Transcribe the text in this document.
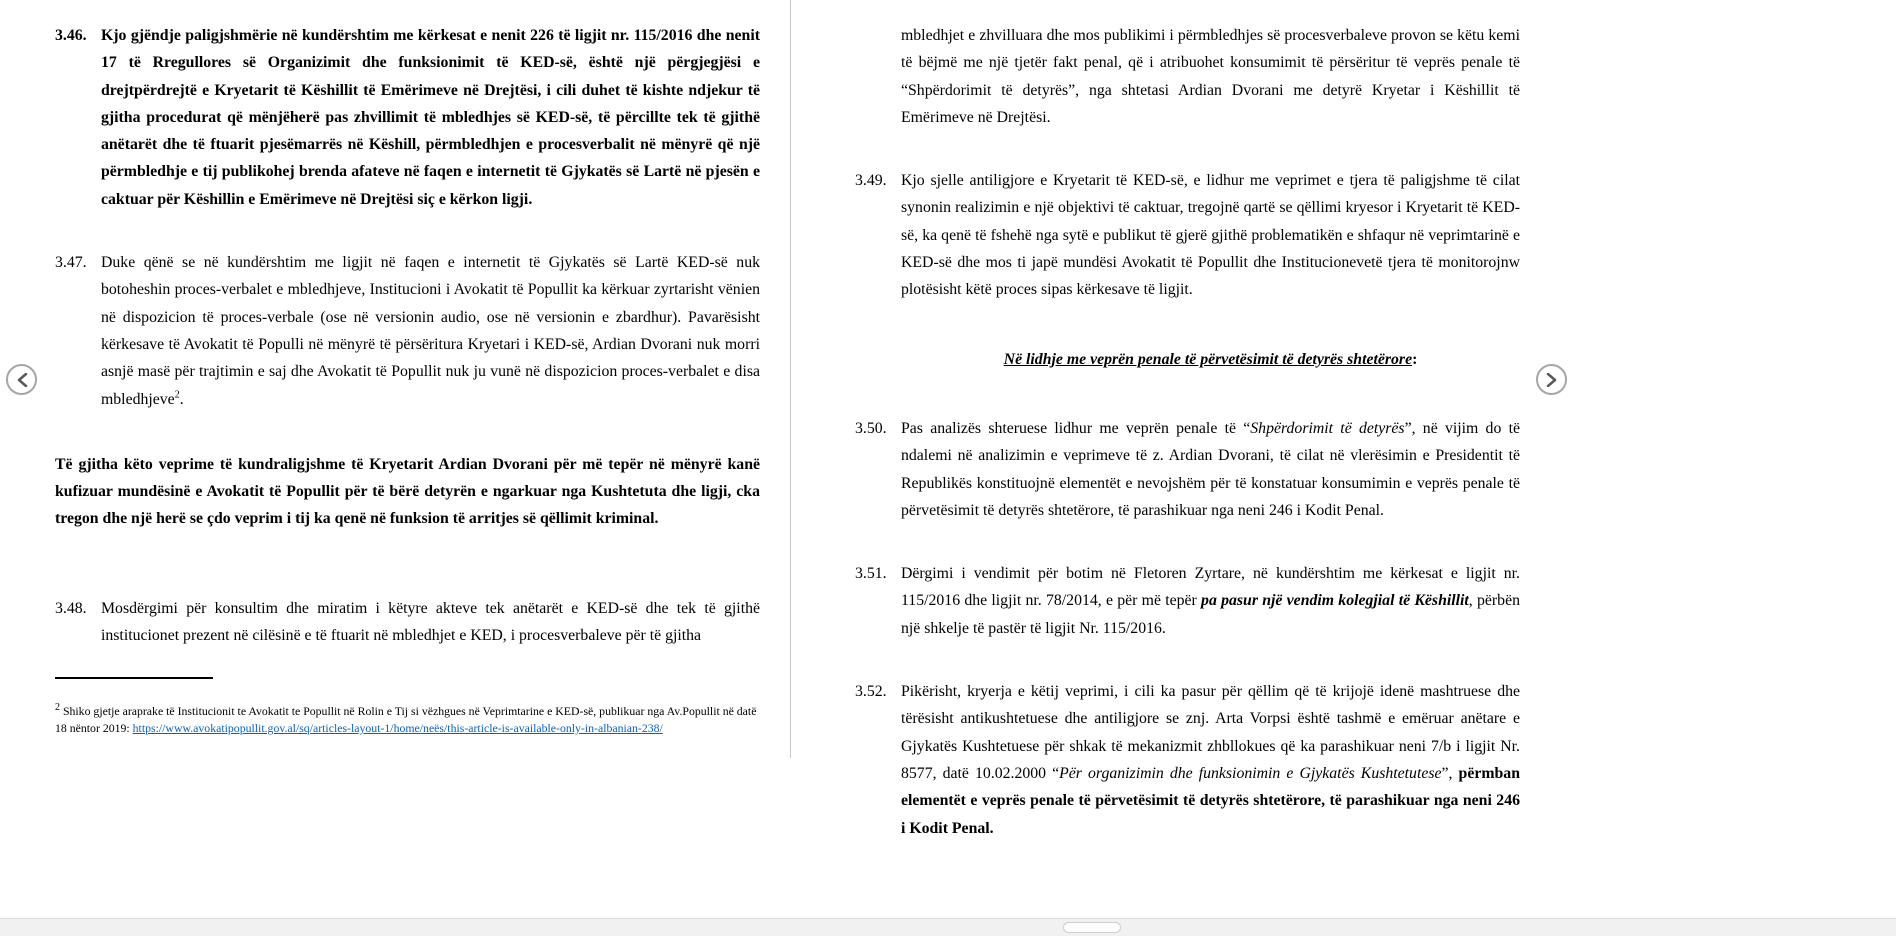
3.46. Kjo gjëndje paligjshmërie në kundërshtim me kërkesat e nenit 226 të ligjit nr. 115/2016 dhe nenit 17 të Rregullores së Organizimit dhe funksionimit të KED-së, është një përgjegjësi e drejtpërdrejtë e Kryetarit të Këshillit të Emërimeve në Drejtësi, i cili duhet të kishte ndjekur të gjitha procedurat që mënjëherë pas zhvillimit të mbledhjes së KED-së, të përcillte tek të gjithë anëtarët dhe të ftuarit pjesëmarrës në Këshill, përmbledhjen e procesverbalit në mënyrë që një përmbledhje e tij publikohej brenda afateve në faqen e internetit të Gjykatës së Lartë në pjesën e caktuar për Këshillin e Emërimeve në Drejtësi siç e kërkon ligji.
3.47. Duke qënë se në kundërshtim me ligjit në faqen e internetit të Gjykatës së Lartë KED-së nuk botoheshin proces-verbalet e mbledhjeve, Institucioni i Avokatit të Popullit ka kërkuar zyrtarisht vënien në dispozicion të proces-verbale (ose në versionin audio, ose në versionin e zbardhur). Pavarësisht kërkesave të Avokatit të Populli në mënyrë të përsëritura Kryetari i KED-së, Ardian Dvorani nuk morri asnjë masë për trajtimin e saj dhe Avokatit të Popullit nuk ju vunë në dispozicion proces-verbalet e disa mbledhjeve$^2$.
Të gjitha këto veprime të kundraligjshme të Kryetarit Ardian Dvorani për më tepër në mënyrë kanë kufizuar mundësinë e Avokatit të Popullit për të bërë detyrën e ngarkuar nga Kushtetuta dhe ligji, cka tregon dhe një herë se çdo veprim i tij ka qenë në funksion të arritjes së qëllimit kriminal.
3.48. Mosdërgimi për konsultim dhe miratim i këtyre akteve tek anëtarët e KED-së dhe tek të gjithë institucionet prezent në cilësinë e të ftuarit në mbledhjet e KED, i procesverbaleve për të gjitha
$^2$ Shiko gjetje araprake të Institucionit te Avokatit te Popullit në Rolin e Tij si vëzhgues në Veprimtarine e KED-së, publikuar nga Av.Popullit në datë 18 nëntor 2019: https://www.avokatipopullit.gov.al/sq/articles-layout-1/home/neës/this-article-is-available-only-in-albanian-238/
mbledhjet e zhvilluara dhe mos publikimi i përmbledhjes së procesverbaleve provon se këtu kemi të bëjmë me një tjetër fakt penal, që i atribuohet konsumimit të përsëritur të veprës penale të “Shpërdorimit të detyrës”, nga shtetasi Ardian Dvorani me detyrë Kryetar i Këshillit të Emërimeve në Drejtësi.
3.49. Kjo sjelle antiligjore e Kryetarit të KED-së, e lidhur me veprimet e tjera të paligjshme të cilat synonin realizimin e një objektivi të caktuar, tregojnë qartë se qëllimi kryesor i Kryetarit të KED-së, ka qenë të fshehë nga sytë e publikut të gjerë gjithë problematikën e shfaqur në veprimtarinë e KED-së dhe mos ti japë mundësi Avokatit të Popullit dhe Institucionevetë tjera të monitorojnw plotësisht këtë proces sipas kërkesave të ligjit.
Në lidhje me veprën penale të përvetësimit të detyrës shtetërore:
3.50. Pas analizës shteruese lidhur me veprën penale të “Shpërdorimit të detyrës”, në vijim do të ndalemi në analizimin e veprimeve të z. Ardian Dvorani, të cilat në vlerësimin e Presidentit të Republikës konstituojnë elementët e nevojshëm për të konstatuar konsumimin e veprës penale të përvetësimit të detyrës shtetërore, të parashikuar nga neni 246 i Kodit Penal.
3.51. Dërgimi i vendimit për botim në Fletoren Zyrtare, në kundërshtim me kërkesat e ligjit nr. 115/2016 dhe ligjit nr. 78/2014, e për më tepër pa pasur një vendim kolegjial të Këshillit, përbën një shkelje të pastër të ligjit Nr. 115/2016.
3.52. Pikërisht, kryerja e këtij veprimi, i cili ka pasur për qëllim që të krijojë idenë mashtruese dhe tërësisht antikushtetuese dhe antiligjore se znj. Arta Vorpsi është tashmë e emëruar anëtare e Gjykatës Kushtetuese për shkak të mekanizmit zhbllokues që ka parashikuar neni 7/b i ligjit Nr. 8577, datë 10.02.2000 “Për organizimin dhe funksionimin e Gjykatës Kushtetutese”, përmban elementët e veprës penale të përvetësimit të detyrës shtetërore, të parashikuar nga neni 246 i Kodit Penal.
